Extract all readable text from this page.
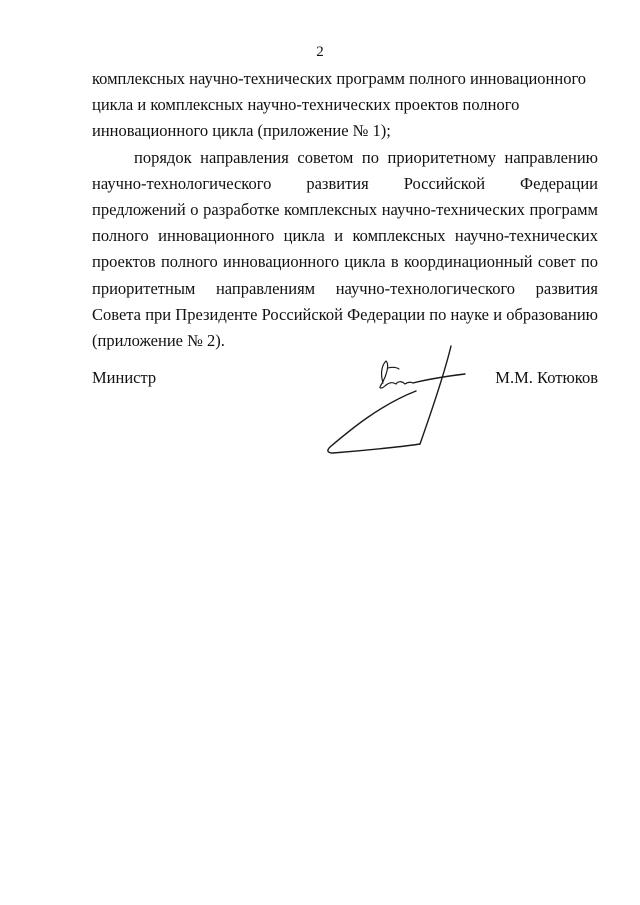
2

комплексных научно-технических программ полного инновационного цикла и комплексных научно-технических проектов полного инновационного цикла (приложение № 1);

порядок направления советом по приоритетному направлению научно-технологического развития Российской Федерации предложений о разработке комплексных научно-технических программ полного инновационного цикла и комплексных научно-технических проектов полного инновационного цикла в координационный совет по приоритетным направлениям научно-технологического развития Совета при Президенте Российской Федерации по науке и образованию (приложение № 2).

Министр	М.М. Котюков
